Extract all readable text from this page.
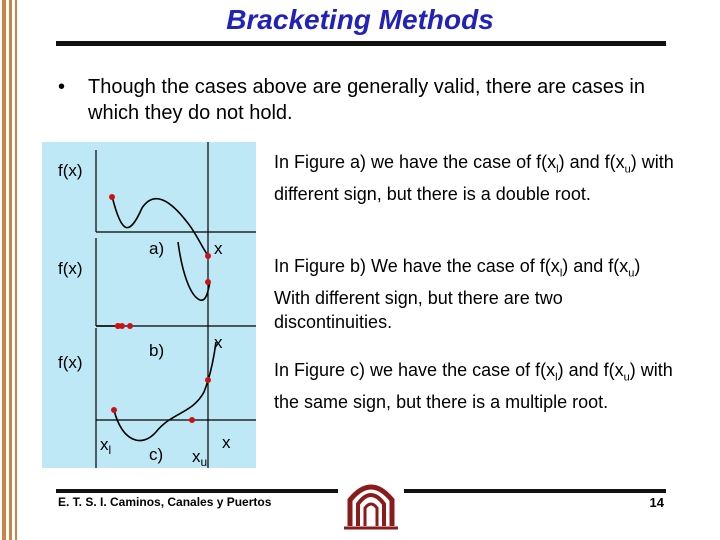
Bracketing Methods
• Though the cases above are generally valid, there are cases in which they do not hold.
f(x)
f(x)
f(x)
a)
b)
c)
x
x
x
$x_l$	$x_u$
In Figure a) we have the case of $f(x_l)$ and $f(x_u)$ with different sign, but there is a double root.
In Figure b) We have the case of $f(x_l)$ and $f(x_u)$ With different sign, but there are two discontinuities.
In Figure c) we have the case of $f(x_l)$ and $f(x_u)$ with the same sign, but there is a multiple root.
E. T. S. I. Caminos, Canales y Puertos	14
